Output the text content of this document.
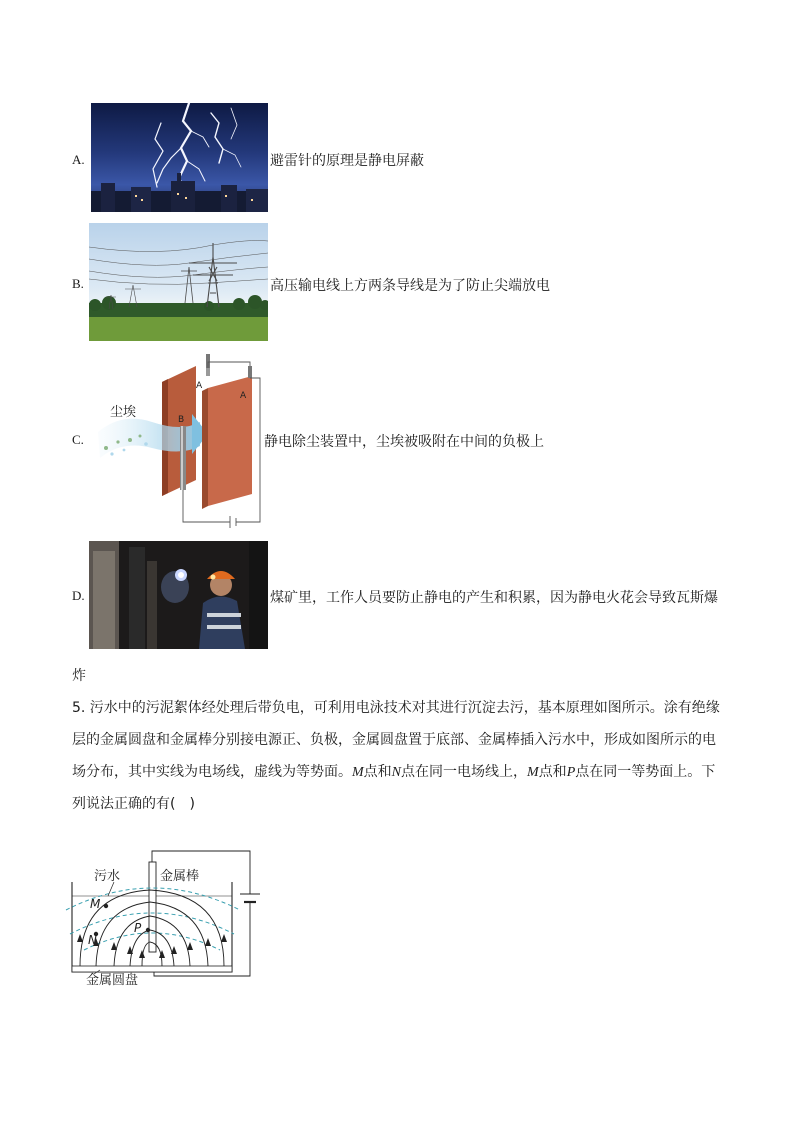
A.	避雷针的原理是静电屏蔽
B.	高压输电线上方两条导线是为了防止尖端放电
C.
A
A
B
尘埃
静电除尘装置中，尘埃被吸附在中间的负极上
D.	煤矿里，工作人员要防止静电的产生和积累，因为静电火花会导致瓦斯爆
炸
5. 污水中的污泥絮体经处理后带负电，可利用电泳技术对其进行沉淀去污，基本原理如图所示。涂有绝缘
层的金属圆盘和金属棒分别接电源正、负极，金属圆盘置于底部、金属棒插入污水中，形成如图所示的电
场分布，其中实线为电场线，虚线为等势面。M点和N点在同一电场线上，M点和P点在同一等势面上。下
列说法正确的有(　)
M
N
P
污水	金属棒
金属圆盘
